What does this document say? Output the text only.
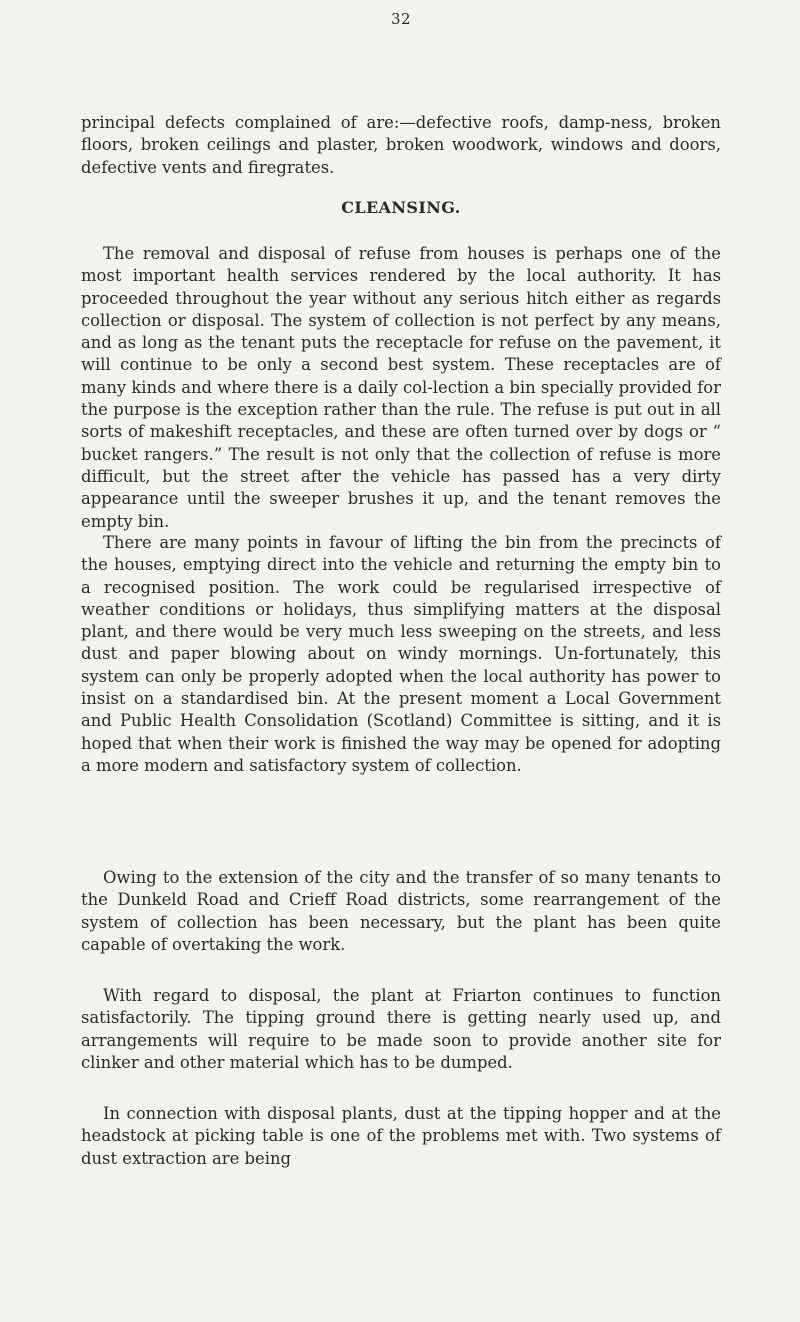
32

principal defects complained of are:—defective roofs, damp-ness, broken floors, broken ceilings and plaster, broken woodwork, windows and doors, defective vents and firegrates.

CLEANSING.

The removal and disposal of refuse from houses is perhaps one of the most important health services rendered by the local authority. It has proceeded throughout the year without any serious hitch either as regards collection or disposal. The system of collection is not perfect by any means, and as long as the tenant puts the receptacle for refuse on the pavement, it will continue to be only a second best system. These receptacles are of many kinds and where there is a daily col-lection a bin specially provided for the purpose is the exception rather than the rule. The refuse is put out in all sorts of makeshift receptacles, and these are often turned over by dogs or “ bucket rangers.” The result is not only that the collection of refuse is more difficult, but the street after the vehicle has passed has a very dirty appearance until the sweeper brushes it up, and the tenant removes the empty bin.

There are many points in favour of lifting the bin from the precincts of the houses, emptying direct into the vehicle and returning the empty bin to a recognised position. The work could be regularised irrespective of weather conditions or holidays, thus simplifying matters at the disposal plant, and there would be very much less sweeping on the streets, and less dust and paper blowing about on windy mornings. Un-fortunately, this system can only be properly adopted when the local authority has power to insist on a standardised bin. At the present moment a Local Government and Public Health Consolidation (Scotland) Committee is sitting, and it is hoped that when their work is finished the way may be opened for adopting a more modern and satisfactory system of collection.

Owing to the extension of the city and the transfer of so many tenants to the Dunkeld Road and Crieff Road districts, some rearrangement of the system of collection has been necessary, but the plant has been quite capable of overtaking the work.

With regard to disposal, the plant at Friarton continues to function satisfactorily. The tipping ground there is getting nearly used up, and arrangements will require to be made soon to provide another site for clinker and other material which has to be dumped.

In connection with disposal plants, dust at the tipping hopper and at the headstock at picking table is one of the problems met with. Two systems of dust extraction are being
